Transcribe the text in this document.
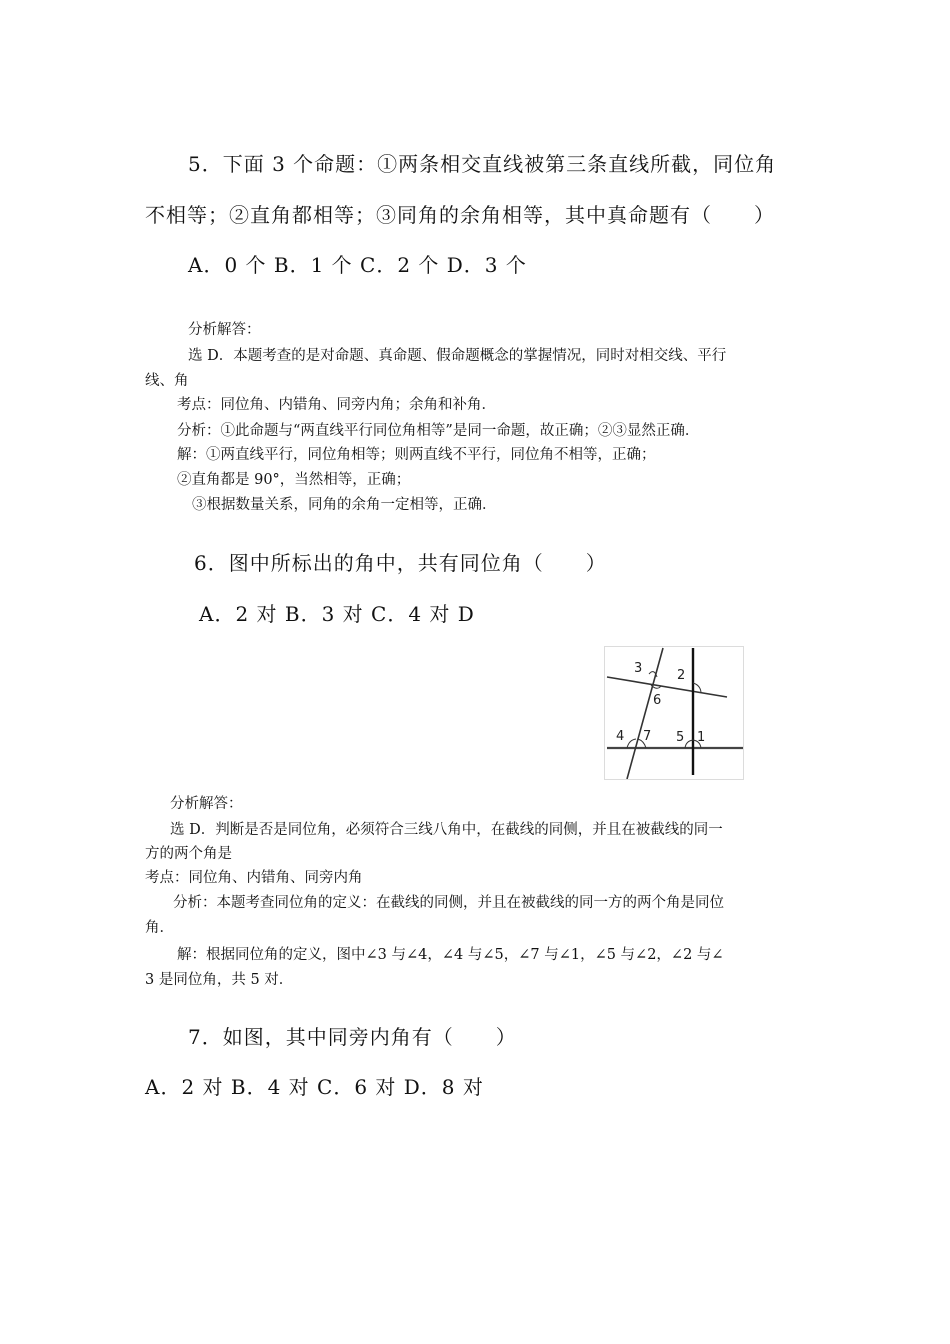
5．下面 3 个命题：①两条相交直线被第三条直线所截，同位角
不相等；②直角都相等；③同角的余角相等，其中真命题有（　　）
A．0 个 B．1 个 C．2 个 D．3 个
分析解答：
选 D．本题考查的是对命题、真命题、假命题概念的掌握情况，同时对相交线、平行
线、角
考点：同位角、内错角、同旁内角；余角和补角．
分析：①此命题与“两直线平行同位角相等”是同一命题，故正确；②③显然正确．
解：①两直线平行，同位角相等；则两直线不平行，同位角不相等，正确；
②直角都是 90°，当然相等，正确；
③根据数量关系，同角的余角一定相等，正确．
6．图中所标出的角中，共有同位角（　　）
A．2 对 B．3 对 C．4 对 D
3	2
6
4 7 5 1
分析解答：
选 D．判断是否是同位角，必须符合三线八角中，在截线的同侧，并且在被截线的同一
方的两个角是
考点：同位角、内错角、同旁内角
分析：本题考查同位角的定义：在截线的同侧，并且在被截线的同一方的两个角是同位
角．
解：根据同位角的定义，图中∠3 与∠4，∠4 与∠5，∠7 与∠1，∠5 与∠2，∠2 与∠
3 是同位角，共 5 对．
7．如图，其中同旁内角有（　　）
A．2 对 B．4 对 C．6 对 D．8 对
